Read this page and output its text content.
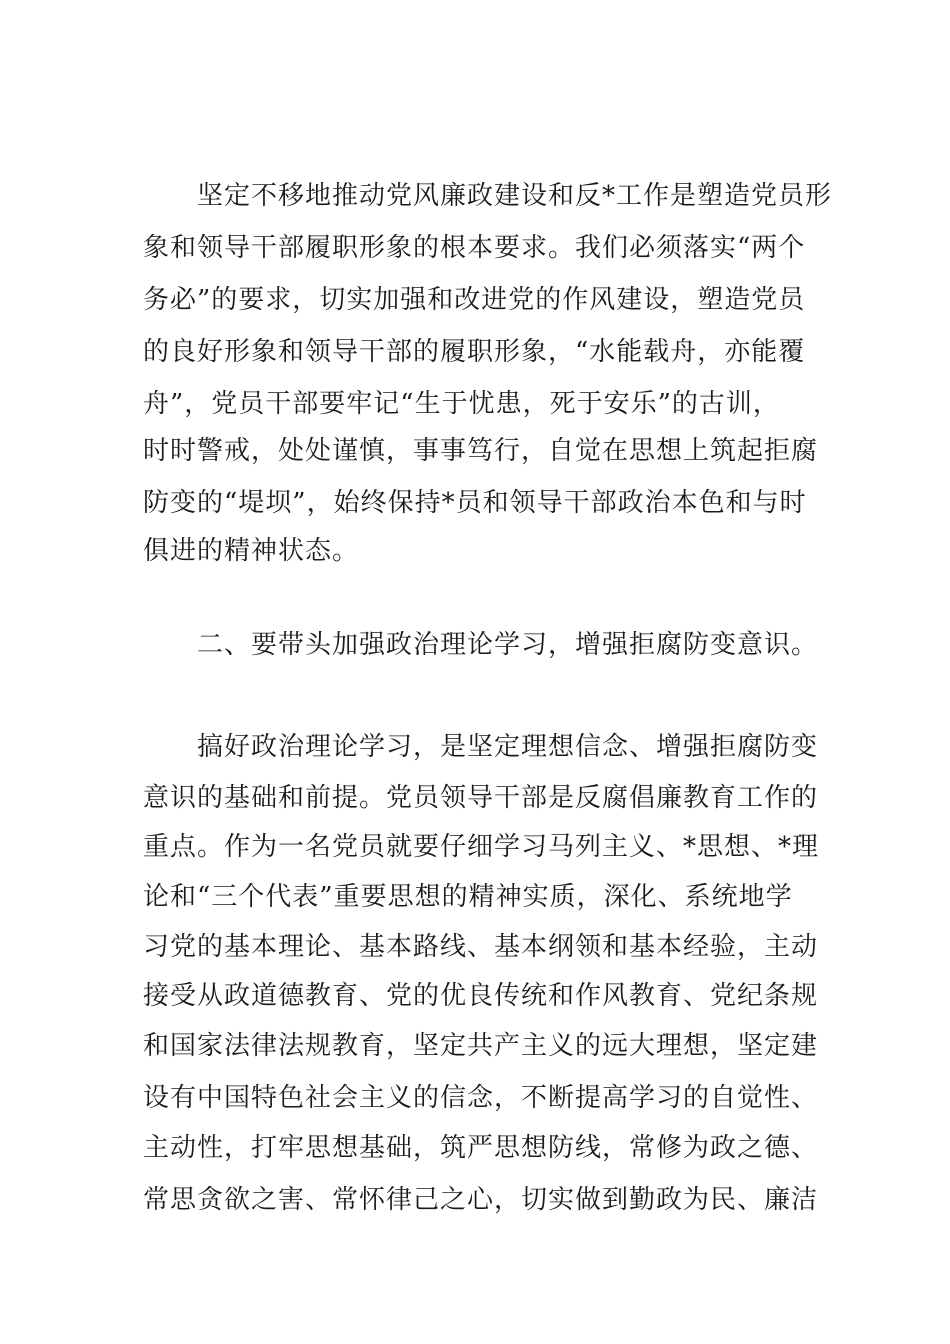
坚定不移地推动党风廉政建设和反*工作是塑造党员形

象和领导干部履职形象的根本要求。我们必须落实“两个

务必”的要求，切实加强和改进党的作风建设，塑造党员

的良好形象和领导干部的履职形象，“水能载舟，亦能覆

舟”，党员干部要牢记“生于忧患，死于安乐”的古训，

时时警戒，处处谨慎，事事笃行，自觉在思想上筑起拒腐

防变的“堤坝”，始终保持*员和领导干部政治本色和与时

俱进的精神状态。

二、要带头加强政治理论学习，增强拒腐防变意识。

搞好政治理论学习，是坚定理想信念、增强拒腐防变

意识的基础和前提。党员领导干部是反腐倡廉教育工作的

重点。作为一名党员就要仔细学习马列主义、*思想、*理

论和“三个代表”重要思想的精神实质，深化、系统地学

习党的基本理论、基本路线、基本纲领和基本经验，主动

接受从政道德教育、党的优良传统和作风教育、党纪条规

和国家法律法规教育，坚定共产主义的远大理想，坚定建

设有中国特色社会主义的信念，不断提高学习的自觉性、

主动性，打牢思想基础，筑严思想防线，常修为政之德、

常思贪欲之害、常怀律己之心，切实做到勤政为民、廉洁
